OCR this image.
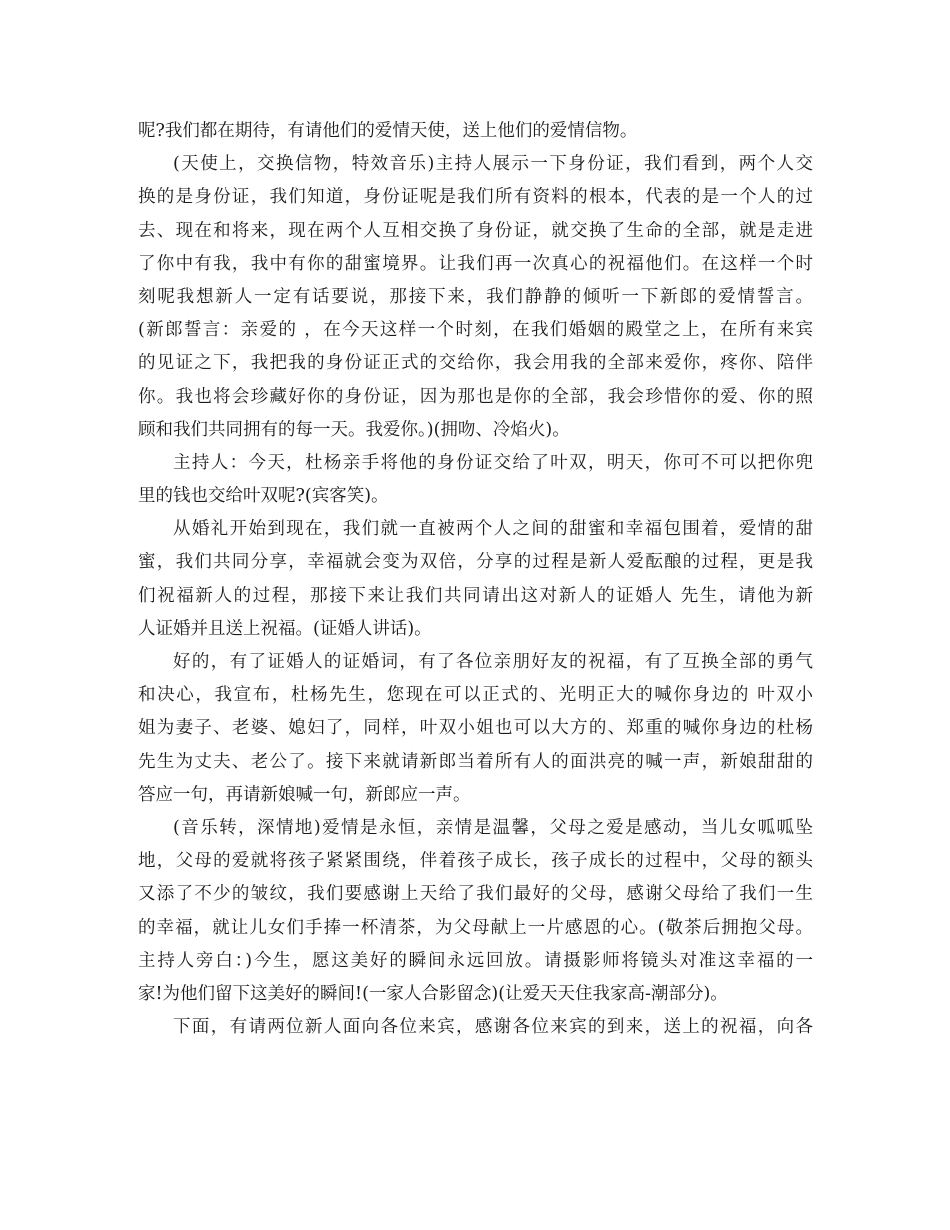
呢?我们都在期待，有请他们的爱情天使，送上他们的爱情信物。
(天使上，交换信物，特效音乐)主持人展示一下身份证，我们看到，两个人交
换的是身份证，我们知道，身份证呢是我们所有资料的根本，代表的是一个人的过
去、现在和将来，现在两个人互相交换了身份证，就交换了生命的全部，就是走进
了你中有我，我中有你的甜蜜境界。让我们再一次真心的祝福他们。在这样一个时
刻呢我想新人一定有话要说，那接下来，我们静静的倾听一下新郎的爱情誓言。
(新郎誓言：亲爱的 ，在今天这样一个时刻，在我们婚姻的殿堂之上，在所有来宾
的见证之下，我把我的身份证正式的交给你，我会用我的全部来爱你，疼你、陪伴
你。我也将会珍藏好你的身份证，因为那也是你的全部，我会珍惜你的爱、你的照
顾和我们共同拥有的每一天。我爱你。)(拥吻、冷焰火)。
主持人：今天，杜杨亲手将他的身份证交给了叶双，明天，你可不可以把你兜
里的钱也交给叶双呢?(宾客笑)。
从婚礼开始到现在，我们就一直被两个人之间的甜蜜和幸福包围着，爱情的甜
蜜，我们共同分享，幸福就会变为双倍，分享的过程是新人爱酝酿的过程，更是我
们祝福新人的过程，那接下来让我们共同请出这对新人的证婚人 先生，请他为新
人证婚并且送上祝福。(证婚人讲话)。
好的，有了证婚人的证婚词，有了各位亲朋好友的祝福，有了互换全部的勇气
和决心，我宣布，杜杨先生，您现在可以正式的、光明正大的喊你身边的 叶双小
姐为妻子、老婆、媳妇了，同样，叶双小姐也可以大方的、郑重的喊你身边的杜杨
先生为丈夫、老公了。接下来就请新郎当着所有人的面洪亮的喊一声，新娘甜甜的
答应一句，再请新娘喊一句，新郎应一声。
(音乐转，深情地)爱情是永恒，亲情是温馨，父母之爱是感动，当儿女呱呱坠
地，父母的爱就将孩子紧紧围绕，伴着孩子成长，孩子成长的过程中，父母的额头
又添了不少的皱纹，我们要感谢上天给了我们最好的父母，感谢父母给了我们一生
的幸福，就让儿女们手捧一杯清茶，为父母献上一片感恩的心。(敬茶后拥抱父母。
主持人旁白：)今生，愿这美好的瞬间永远回放。请摄影师将镜头对准这幸福的一
家!为他们留下这美好的瞬间!(一家人合影留念)(让爱天天住我家高-潮部分)。
下面，有请两位新人面向各位来宾，感谢各位来宾的到来，送上的祝福，向各
